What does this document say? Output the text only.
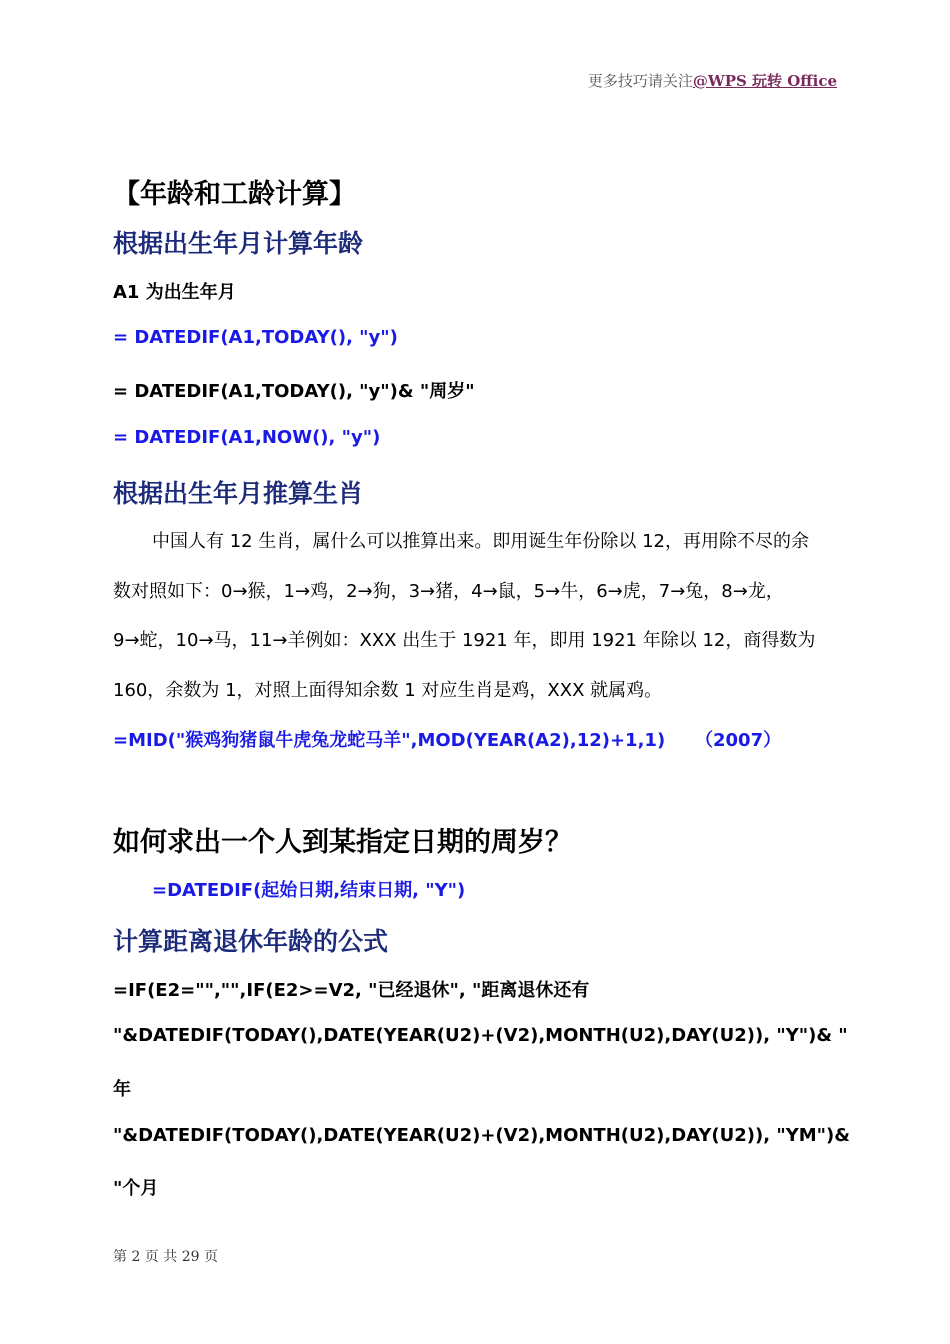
更多技巧请关注@WPS 玩转 Office
【年龄和工龄计算】
根据出生年月计算年龄
A1 为出生年月
= DATEDIF(A1,TODAY(), "y")
= DATEDIF(A1,TODAY(), "y")& "周岁"
= DATEDIF(A1,NOW(), "y")
根据出生年月推算生肖
中国人有 12 生肖，属什么可以推算出来。即用诞生年份除以 12，再用除不尽的余
数对照如下：0→猴，1→鸡，2→狗，3→猪，4→鼠，5→牛，6→虎，7→兔，8→龙，
9→蛇，10→马，11→羊例如：XXX 出生于 1921 年，即用 1921 年除以 12，商得数为
160，余数为 1，对照上面得知余数 1 对应生肖是鸡，XXX 就属鸡。
=MID("猴鸡狗猪鼠牛虎兔龙蛇马羊",MOD(YEAR(A2),12)+1,1) （2007）
如何求出一个人到某指定日期的周岁？
=DATEDIF(起始日期,结束日期, "Y")
计算距离退休年龄的公式
=IF(E2="","",IF(E2>=V2, "已经退休", "距离退休还有
"&DATEDIF(TODAY(),DATE(YEAR(U2)+(V2),MONTH(U2),DAY(U2)), "Y")& "
年
"&DATEDIF(TODAY(),DATE(YEAR(U2)+(V2),MONTH(U2),DAY(U2)), "YM")&
"个月
第 2 页 共 29 页
